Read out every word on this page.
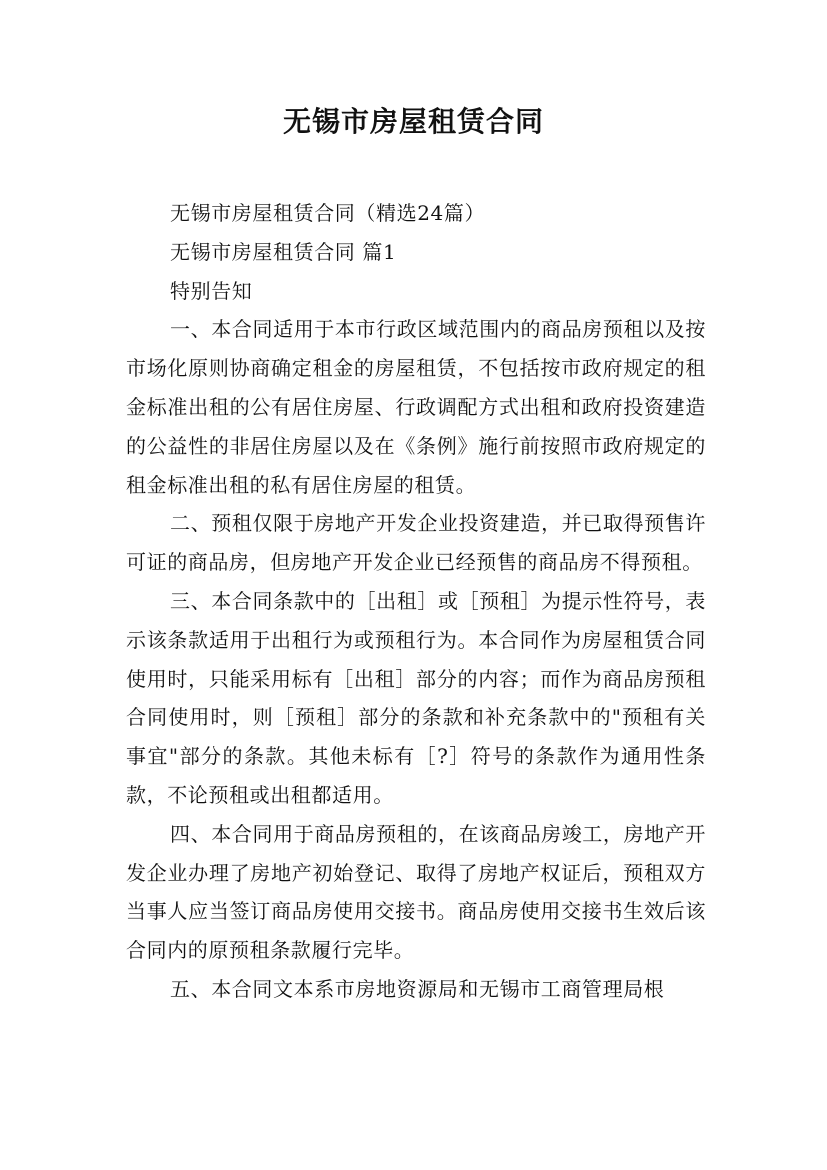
无锡市房屋租赁合同

无锡市房屋租赁合同（精选24篇）

无锡市房屋租赁合同 篇1

特别告知

一、本合同适用于本市行政区域范围内的商品房预租以及按市场化原则协商确定租金的房屋租赁，不包括按市政府规定的租金标准出租的公有居住房屋、行政调配方式出租和政府投资建造的公益性的非居住房屋以及在《条例》施行前按照市政府规定的租金标准出租的私有居住房屋的租赁。

二、预租仅限于房地产开发企业投资建造，并已取得预售许可证的商品房，但房地产开发企业已经预售的商品房不得预租。

三、本合同条款中的［出租］或［预租］为提示性符号，表示该条款适用于出租行为或预租行为。本合同作为房屋租赁合同使用时，只能采用标有［出租］部分的内容；而作为商品房预租合同使用时，则［预租］部分的条款和补充条款中的"预租有关事宜"部分的条款。其他未标有［?］符号的条款作为通用性条款，不论预租或出租都适用。

四、本合同用于商品房预租的，在该商品房竣工，房地产开发企业办理了房地产初始登记、取得了房地产权证后，预租双方当事人应当签订商品房使用交接书。商品房使用交接书生效后该合同内的原预租条款履行完毕。

五、本合同文本系市房地资源局和无锡市工商管理局根
